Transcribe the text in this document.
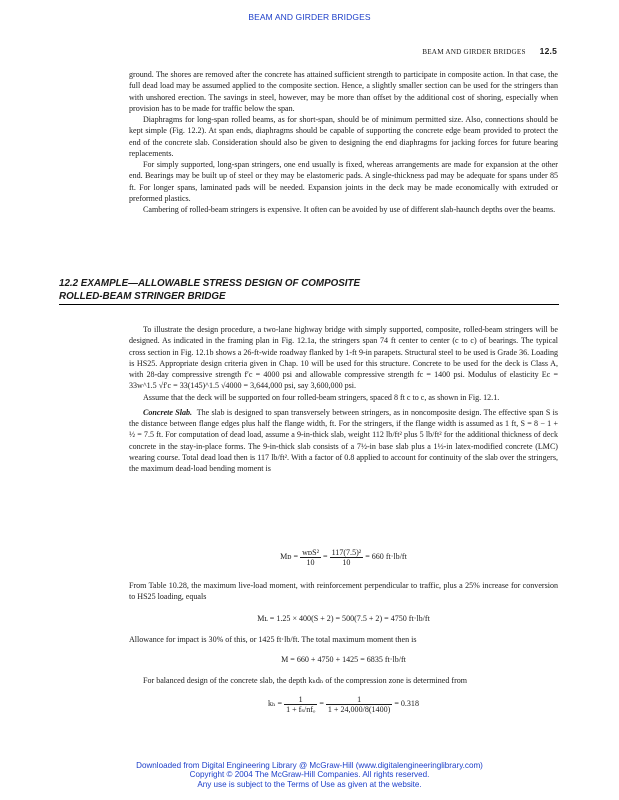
BEAM AND GIRDER BRIDGES
BEAM AND GIRDER BRIDGES 12.5

ground. The shores are removed after the concrete has attained sufficient strength to participate in composite action. In that case, the full dead load may be assumed applied to the composite section. Hence, a slightly smaller section can be used for the stringers than with unshored erection. The savings in steel, however, may be more than offset by the additional cost of shoring, especially when provision has to be made for traffic below the span.

Diaphragms for long-span rolled beams, as for short-span, should be of minimum permitted size. Also, connections should be kept simple (Fig. 12.2). At span ends, diaphragms should be capable of supporting the concrete edge beam provided to protect the end of the concrete slab. Consideration should also be given to designing the end diaphragms for jacking forces for future bearing replacements.

For simply supported, long-span stringers, one end usually is fixed, whereas arrangements are made for expansion at the other end. Bearings may be built up of steel or they may be elastomeric pads. A single-thickness pad may be adequate for spans under 85 ft. For longer spans, laminated pads will be needed. Expansion joints in the deck may be made economically with extruded or preformed plastics.

Cambering of rolled-beam stringers is expensive. It often can be avoided by use of different slab-haunch depths over the beams.

12.2 EXAMPLE—ALLOWABLE STRESS DESIGN OF COMPOSITE
ROLLED-BEAM STRINGER BRIDGE

To illustrate the design procedure, a two-lane highway bridge with simply supported, composite, rolled-beam stringers will be designed. As indicated in the framing plan in Fig. 12.1a, the stringers span 74 ft center to center (c to c) of bearings. The typical cross section in Fig. 12.1b shows a 26-ft-wide roadway flanked by 1-ft 9-in parapets. Structural steel to be used is Grade 36. Loading is HS25. Appropriate design criteria given in Chap. 10 will be used for this structure. Concrete to be used for the deck is Class A, with 28-day compressive strength f′c = 4000 psi and allowable compressive strength fc = 1400 psi. Modulus of elasticity Ec = 33w^1.5 √f′c = 33(145)^1.5 √4000 = 3,644,000 psi, say 3,600,000 psi.

Assume that the deck will be supported on four rolled-beam stringers, spaced 8 ft c to c, as shown in Fig. 12.1.

Concrete Slab. The slab is designed to span transversely between stringers, as in noncomposite design. The effective span S is the distance between flange edges plus half the flange width, ft. For the stringers, if the flange width is assumed as 1 ft, S = 8 − 1 + ½ = 7.5 ft. For computation of dead load, assume a 9-in-thick slab, weight 112 lb/ft² plus 5 lb/ft² for the additional thickness of deck concrete in the stay-in-place forms. The 9-in-thick slab consists of a 7½-in base slab plus a 1½-in latex-modified concrete (LMC) wearing course. Total dead load then is 117 lb/ft². With a factor of 0.8 applied to account for continuity of the slab over the stringers, the maximum dead-load bending moment is

Mᴅ = $\frac{\text{wᴅS²}}{10} = \frac{\text{117(7.5)²}}{10} = 660$ ft·lb/ft

From Table 10.28, the maximum live-load moment, with reinforcement perpendicular to traffic, plus a 25% increase for conversion to HS25 loading, equals

Mʟ = 1.25 × 400(S + 2) = 500(7.5 + 2) = 4750 ft·lb/ft

Allowance for impact is 30% of this, or 1425 ft·lb/ft. The total maximum moment then is

M = 660 + 4750 + 1425 = 6835 ft·lb/ft

For balanced design of the concrete slab, the depth kₕdₕ of the compression zone is determined from

$k_h = \frac{1}{\text{1 + fₛ/nfₒ}} = \frac{1}{1 + 24,000/8(1400)} = 0.318$
Downloaded from Digital Engineering Library @ McGraw-Hill (www.digitalengineeringlibrary.com)
Copyright © 2004 The McGraw-Hill Companies. All rights reserved.
Any use is subject to the Terms of Use as given at the website.
